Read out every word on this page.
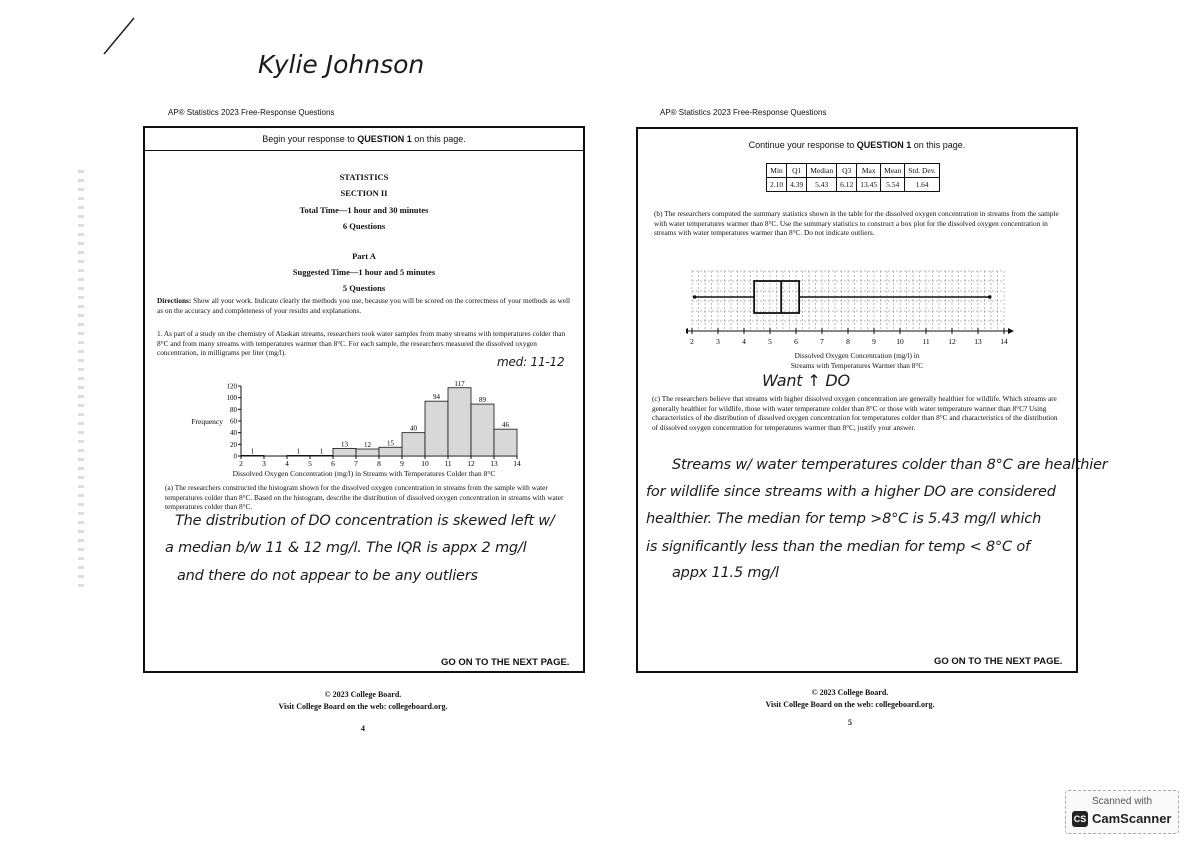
Kylie Johnson
AP® Statistics 2023 Free-Response Questions
Begin your response to QUESTION 1 on this page.
STATISTICS
SECTION II
Total Time—1 hour and 30 minutes
6 Questions
Part A
Suggested Time—1 hour and 5 minutes
5 Questions
Directions: Show all your work. Indicate clearly the methods you use, because you will be scored on the correctness of your methods as well as on the accuracy and completeness of your results and explanations.
1. As part of a study on the chemistry of Alaskan streams, researchers took water samples from many streams with temperatures colder than 8°C and from many streams with temperatures warmer than 8°C. For each sample, the researchers measured the dissolved oxygen concentration, in milligrams per liter (mg/l).
med: 11-12
0
20
40
60
80
100
120
Frequency
2	3	4	5	6	7	8	9 10 11 12 13 14
1	1	1
13 12 15
40
94
117
89
46
Dissolved Oxygen Concentration (mg/l) in Streams with Temperatures Colder than 8°C
(a) The researchers constructed the histogram shown for the dissolved oxygen concentration in streams from the sample with water temperatures colder than 8°C. Based on the histogram, describe the distribution of dissolved oxygen concentration in streams with water temperatures colder than 8°C.
The distribution of DO concentration is skewed left w/
a median b/w 11 & 12 mg/l. The IQR is appx 2 mg/l
and there do not appear to be any outliers
GO ON TO THE NEXT PAGE.
© 2023 College Board.
Visit College Board on the web: collegeboard.org.
4
AP® Statistics 2023 Free-Response Questions
Continue your response to QUESTION 1 on this page.
Min	Q1	Median	Q3	Max	Mean	Std. Dev.
2.10	4.39	5.43	6.12	13.45	5.54	1.64
(b) The researchers computed the summary statistics shown in the table for the dissolved oxygen concentration in streams from the sample with water temperatures warmer than 8°C. Use the summary statistics to construct a box plot for the dissolved oxygen concentration in streams with water temperatures warmer than 8°C. Do not indicate outliers.
2	3	4	5	6	7	8	9	10 11 12 13 14
Dissolved Oxygen Concentration (mg/l) in
Streams with Temperatures Warmer than 8°C
Want ↑ DO
(c) The researchers believe that streams with higher dissolved oxygen concentration are generally healthier for wildlife. Which streams are generally healthier for wildlife, those with water temperature colder than 8°C or those with water temperature warmer than 8°C? Using characteristics of the distribution of dissolved oxygen concentration for temperatures colder than 8°C and characteristics of the distribution of dissolved oxygen concentration for temperatures warmer than 8°C, justify your answer.
Streams w/ water temperatures colder than 8°C are healthier
for wildlife since streams with a higher DO are considered
healthier. The median for temp >8°C is 5.43 mg/l which
is significantly less than the median for temp < 8°C of
appx 11.5 mg/l
GO ON TO THE NEXT PAGE.
© 2023 College Board.
Visit College Board on the web: collegeboard.org.
5
Scanned with
CS CamScanner
